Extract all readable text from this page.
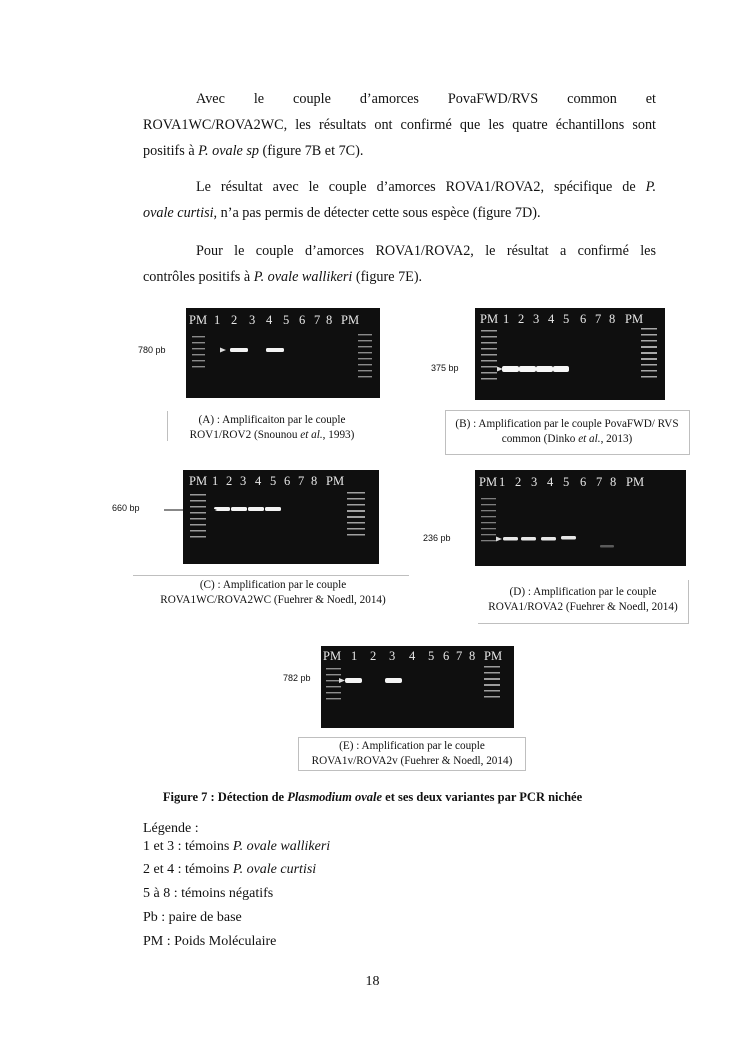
Avec le couple d’amorces PovaFWD/RVS common et
ROVA1WC/ROVA2WC, les résultats ont confirmé que les quatre échantillons sont
positifs à P. ovale sp (figure 7B et 7C).
Le résultat avec le couple d’amorces ROVA1/ROVA2, spécifique de P.
ovale curtisi, n’a pas permis de détecter cette sous espèce (figure 7D).
Pour le couple d’amorces ROVA1/ROVA2, le résultat a confirmé les
contrôles positifs à P. ovale wallikeri (figure 7E).
PM 1 2 3 4 5 6 7 8 PM
780 pb
(A) : Amplificaiton par le couple
ROV1/ROV2 (Snounou et al., 1993)
PM 1 2 3 4 5 6 7 8 PM
375 bp
(B) : Amplification par le couple PovaFWD/ RVS
common (Dinko et al., 2013)
PM 1 2 3 4 5 6 7 8 PM
660 bp
(C) : Amplification par le couple
ROVA1WC/ROVA2WC (Fuehrer & Noedl, 2014)
PM 1 2 3 4 5 6 7 8 PM
236 pb
(D) : Amplification par le couple
ROVA1/ROVA2 (Fuehrer & Noedl, 2014)
PM 1 2 3 4 5 6 7 8 PM
782 pb
(E) : Amplification par le couple
ROVA1v/ROVA2v (Fuehrer & Noedl, 2014)
Figure 7 : Détection de Plasmodium ovale et ses deux variantes par PCR nichée
Légende :
1 et 3 : témoins P. ovale wallikeri
2 et 4 : témoins P. ovale curtisi
5 à 8 : témoins négatifs
Pb : paire de base
PM : Poids Moléculaire
18
